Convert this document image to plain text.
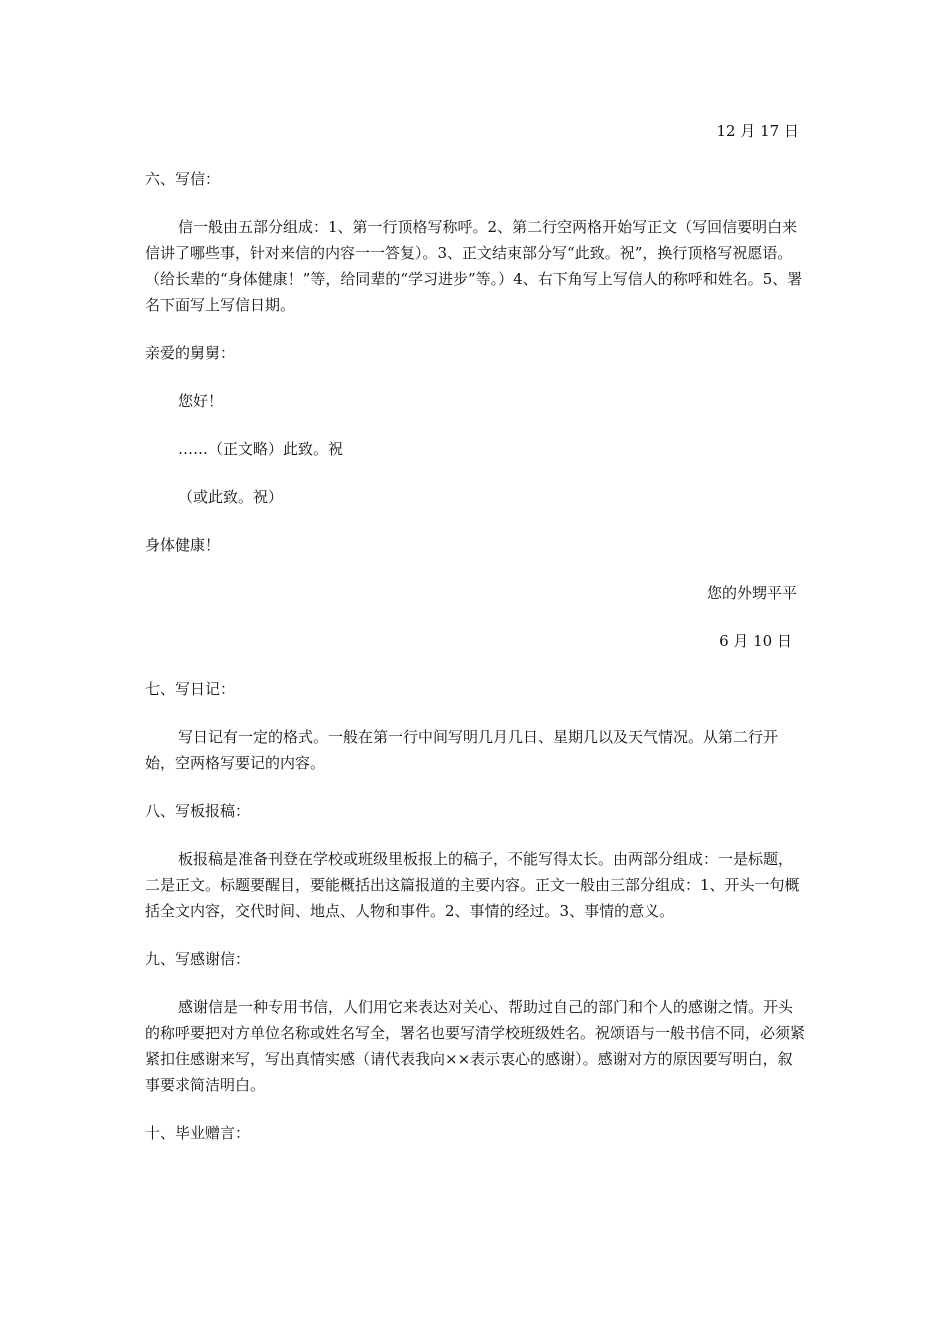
12 月 17 日

六、写信：

信一般由五部分组成：1、第一行顶格写称呼。2、第二行空两格开始写正文（写回信要明白来信讲了哪些事，针对来信的内容一一答复）。3、正文结束部分写“此致。祝”，换行顶格写祝愿语。（给长辈的“身体健康！”等，给同辈的“学习进步”等。）4、右下角写上写信人的称呼和姓名。5、署名下面写上写信日期。

亲爱的舅舅：

您好！

……（正文略）此致。祝

（或此致。祝）

身体健康！

您的外甥平平

6 月 10 日

七、写日记：

写日记有一定的格式。一般在第一行中间写明几月几日、星期几以及天气情况。从第二行开始，空两格写要记的内容。

八、写板报稿：

板报稿是准备刊登在学校或班级里板报上的稿子，不能写得太长。由两部分组成：一是标题，二是正文。标题要醒目，要能概括出这篇报道的主要内容。正文一般由三部分组成：1、开头一句概括全文内容，交代时间、地点、人物和事件。2、事情的经过。3、事情的意义。

九、写感谢信：

感谢信是一种专用书信，人们用它来表达对关心、帮助过自己的部门和个人的感谢之情。开头的称呼要把对方单位名称或姓名写全，署名也要写清学校班级姓名。祝颂语与一般书信不同，必须紧紧扣住感谢来写，写出真情实感（请代表我向××表示衷心的感谢）。感谢对方的原因要写明白，叙事要求简洁明白。

十、毕业赠言：
